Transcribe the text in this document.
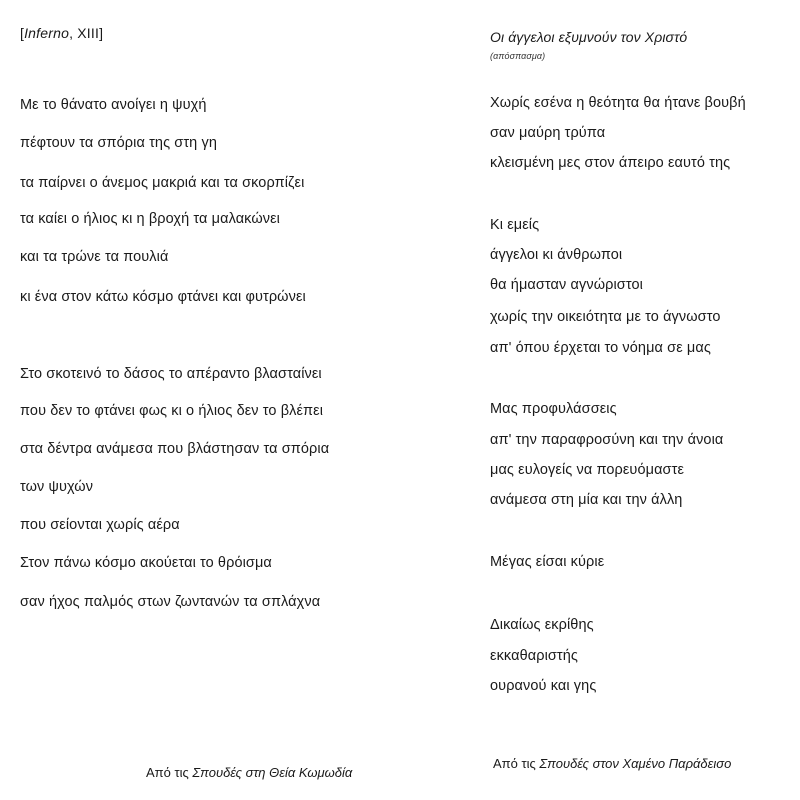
[Inferno, XIII]
Με το θάνατο ανοίγει η ψυχή
πέφτουν τα σπόρια της στη γη
τα παίρνει ο άνεμος μακριά και τα σκορπίζει
τα καίει ο ήλιος κι η βροχή τα μαλακώνει
και τα τρώνε τα πουλιά
κι ένα στον κάτω κόσμο φτάνει και φυτρώνει
Στο σκοτεινό το δάσος το απέραντο βλασταίνει
που δεν το φτάνει φως κι ο ήλιος δεν το βλέπει
στα δέντρα ανάμεσα που βλάστησαν τα σπόρια
των ψυχών
που σείονται χωρίς αέρα
Στον πάνω κόσμο ακούεται το θρόισμα
σαν ήχος παλμός στων ζωντανών τα σπλάχνα
Από τις Σπουδές στη Θεία Κωμωδία
Οι άγγελοι εξυμνούν τον Χριστό
(απόσπασμα)
Χωρίς εσένα η θεότητα θα ήτανε βουβή
σαν μαύρη τρύπα
κλεισμένη μες στον άπειρο εαυτό της
Κι εμείς
άγγελοι κι άνθρωποι
θα ήμασταν αγνώριστοι
χωρίς την οικειότητα με το άγνωστο
απ' όπου έρχεται το νόημα σε μας
Μας προφυλάσσεις
απ' την παραφροσύνη και την άνοια
μας ευλογείς να πορευόμαστε
ανάμεσα στη μία και την άλλη
Μέγας είσαι κύριε
Δικαίως εκρίθης
εκκαθαριστής
ουρανού και γης
Από τις Σπουδές στον Χαμένο Παράδεισο
